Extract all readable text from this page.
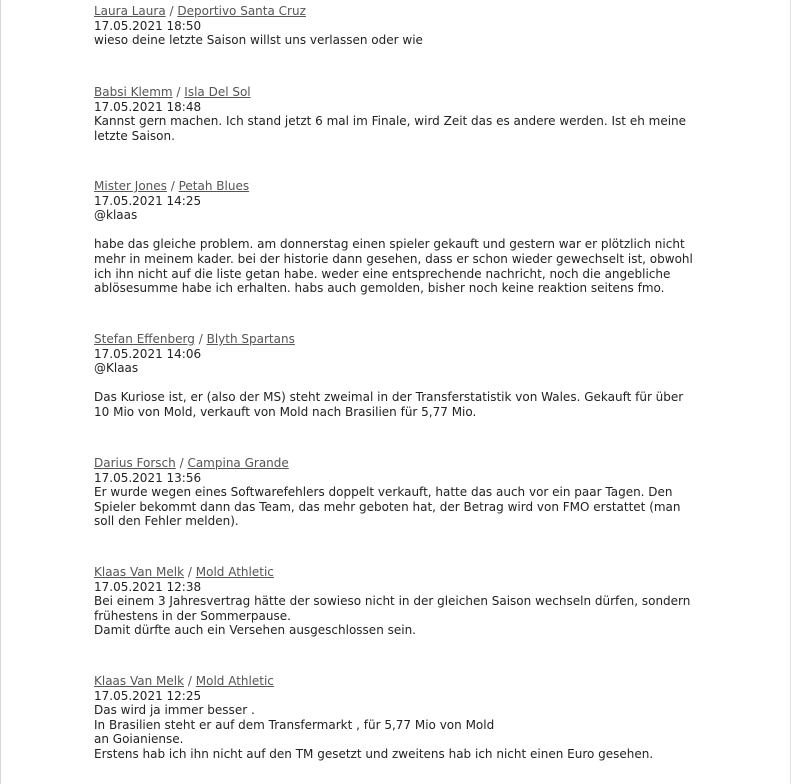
Laura Laura / Deportivo Santa Cruz
17.05.2021 18:50

wieso deine letzte Saison willst uns verlassen oder wie

Babsi Klemm / Isla Del Sol
17.05.2021 18:48

Kannst gern machen. Ich stand jetzt 6 mal im Finale, wird Zeit das es andere werden. Ist eh meine letzte Saison.

Mister Jones / Petah Blues
17.05.2021 14:25

@klaas

habe das gleiche problem. am donnerstag einen spieler gekauft und gestern war er plötzlich nicht mehr in meinem kader. bei der historie dann gesehen, dass er schon wieder gewechselt ist, obwohl ich ihn nicht auf die liste getan habe. weder eine entsprechende nachricht, noch die angebliche ablösesumme habe ich erhalten. habs auch gemolden, bisher noch keine reaktion seitens fmo.

Stefan Effenberg / Blyth Spartans
17.05.2021 14:06

@Klaas

Das Kuriose ist, er (also der MS) steht zweimal in der Transferstatistik von Wales. Gekauft für über 10 Mio von Mold, verkauft von Mold nach Brasilien für 5,77 Mio.

Darius Forsch / Campina Grande
17.05.2021 13:56

Er wurde wegen eines Softwarefehlers doppelt verkauft, hatte das auch vor ein paar Tagen. Den Spieler bekommt dann das Team, das mehr geboten hat, der Betrag wird von FMO erstattet (man soll den Fehler melden).

Klaas Van Melk / Mold Athletic
17.05.2021 12:38

Bei einem 3 Jahresvertrag hätte der sowieso nicht in der gleichen Saison wechseln dürfen, sondern frühestens in der Sommerpause.

Damit dürfte auch ein Versehen ausgeschlossen sein.

Klaas Van Melk / Mold Athletic
17.05.2021 12:25

Das wird ja immer besser .

In Brasilien steht er auf dem Transfermarkt , für 5,77 Mio von Mold

an Goianiense.

Erstens hab ich ihn nicht auf den TM gesetzt und zweitens hab ich nicht einen Euro gesehen.
